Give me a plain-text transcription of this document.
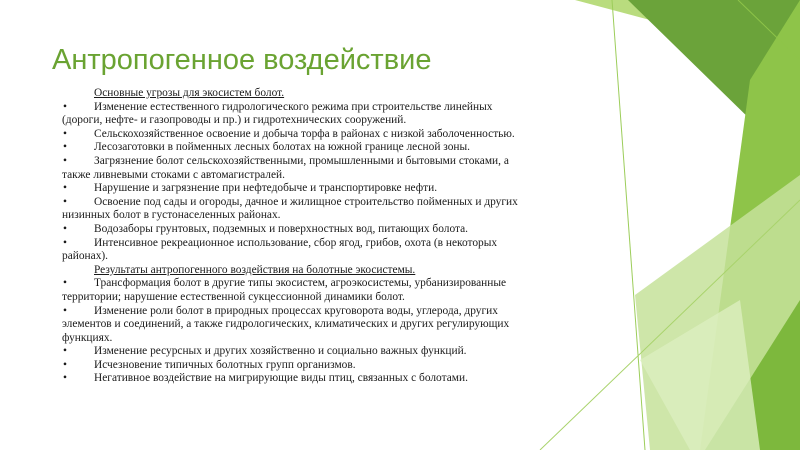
Антропогенное воздействие
Основные угрозы для экосистем болот.
•	Изменение естественного гидрологического режима при строительстве линейных
(дороги, нефте- и газопроводы и пр.) и гидротехнических сооружений.
•	Сельскохозяйственное освоение и добыча торфа в районах с низкой заболоченностью.
•	Лесозаготовки в пойменных лесных болотах на южной границе лесной зоны.
•	Загрязнение болот сельскохозяйственными, промышленными и бытовыми стоками, а
также ливневыми стоками с автомагистралей.
•	Нарушение и загрязнение при нефтедобыче и транспортировке нефти.
•	Освоение под сады и огороды, дачное и жилищное строительство пойменных и других
низинных болот в густонаселенных районах.
•	Водозаборы грунтовых, подземных и поверхностных вод, питающих болота.
•	Интенсивное рекреационное использование, сбор ягод, грибов, охота (в некоторых
районах).
Результаты антропогенного воздействия на болотные экосистемы.
•	Трансформация болот в другие типы экосистем, агроэкосистемы, урбанизированные
территории; нарушение естественной сукцессионной динамики болот.
•	Изменение роли болот в природных процессах круговорота воды, углерода, других
элементов и соединений, а также гидрологических, климатических и других регулирующих
функциях.
•	Изменение ресурсных и других хозяйственно и социально важных функций.
•	Исчезновение типичных болотных групп организмов.
•	Негативное воздействие на мигрирующие виды птиц, связанных с болотами.
